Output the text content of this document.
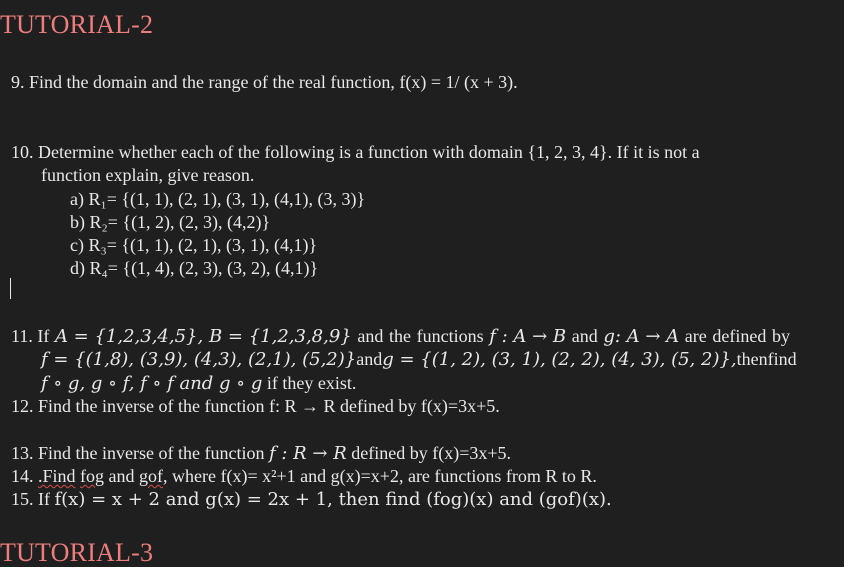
TUTORIAL-2
9. Find the domain and the range of the real function, f(x) = 1/ (x + 3).
10. Determine whether each of the following is a function with domain {1, 2, 3, 4}. If it is not a
function explain, give reason.
a) R₁= {(1, 1), (2, 1), (3, 1), (4,1), (3, 3)}
b) R₂= {(1, 2), (2, 3), (4,2)}
c) R₃= {(1, 1), (2, 1), (3, 1), (4,1)}
d) R₄= {(1, 4), (2, 3), (3, 2), (4,1)}
11. If A = {1,2,3,4,5}, B = {1,2,3,8,9} and the functions f : A → B and g: A → A are defined by
f = {(1,8), (3,9), (4,3), (2,1), (5,2)} and g = {(1, 2), (3, 1), (2, 2), (4, 3), (5, 2)}, then find
f ∘ g, g ∘ f, f ∘ f and g ∘ g if they exist.
12. Find the inverse of the function f: R → R defined by f(x)=3x+5.
13. Find the inverse of the function f : R → R defined by f(x)=3x+5.
14. .Find fog and gof, where f(x)= x²+1 and g(x)=x+2, are functions from R to R.
15. If f(x) = x + 2 and g(x) = 2x + 1, then find (fog)(x) and (gof)(x).
TUTORIAL-3
